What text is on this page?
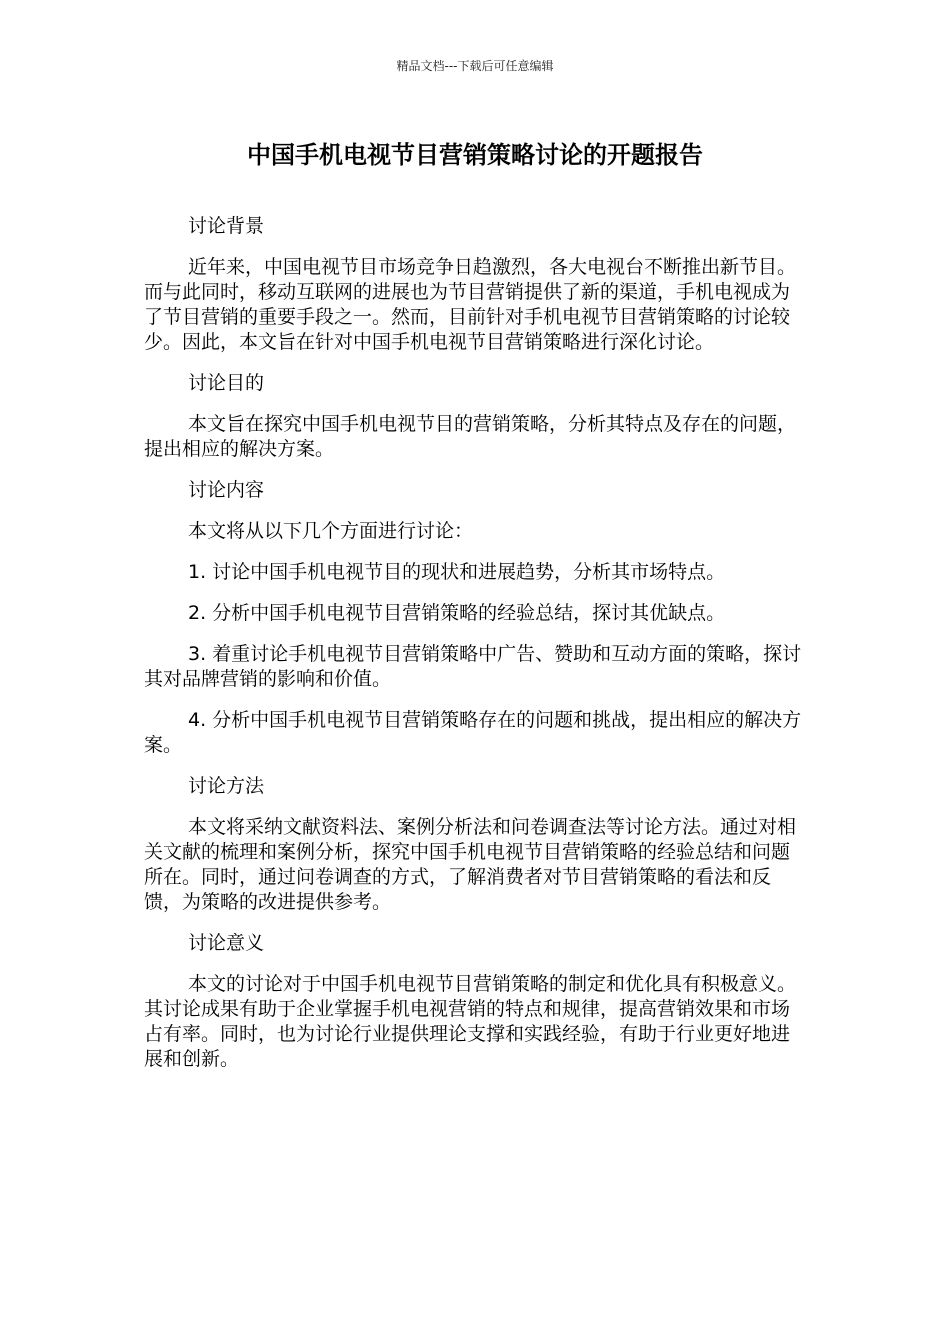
精品文档---下载后可任意编辑
中国手机电视节目营销策略讨论的开题报告

讨论背景

近年来，中国电视节目市场竞争日趋激烈，各大电视台不断推出新节目。而与此同时，移动互联网的进展也为节目营销提供了新的渠道，手机电视成为了节目营销的重要手段之一。然而，目前针对手机电视节目营销策略的讨论较少。因此，本文旨在针对中国手机电视节目营销策略进行深化讨论。

讨论目的

本文旨在探究中国手机电视节目的营销策略，分析其特点及存在的问题，提出相应的解决方案。

讨论内容

本文将从以下几个方面进行讨论：

1. 讨论中国手机电视节目的现状和进展趋势，分析其市场特点。

2. 分析中国手机电视节目营销策略的经验总结，探讨其优缺点。

3. 着重讨论手机电视节目营销策略中广告、赞助和互动方面的策略，探讨其对品牌营销的影响和价值。

4. 分析中国手机电视节目营销策略存在的问题和挑战，提出相应的解决方案。

讨论方法

本文将采纳文献资料法、案例分析法和问卷调查法等讨论方法。通过对相关文献的梳理和案例分析，探究中国手机电视节目营销策略的经验总结和问题所在。同时，通过问卷调查的方式，了解消费者对节目营销策略的看法和反馈，为策略的改进提供参考。

讨论意义

本文的讨论对于中国手机电视节目营销策略的制定和优化具有积极意义。其讨论成果有助于企业掌握手机电视营销的特点和规律，提高营销效果和市场占有率。同时，也为讨论行业提供理论支撑和实践经验，有助于行业更好地进展和创新。
